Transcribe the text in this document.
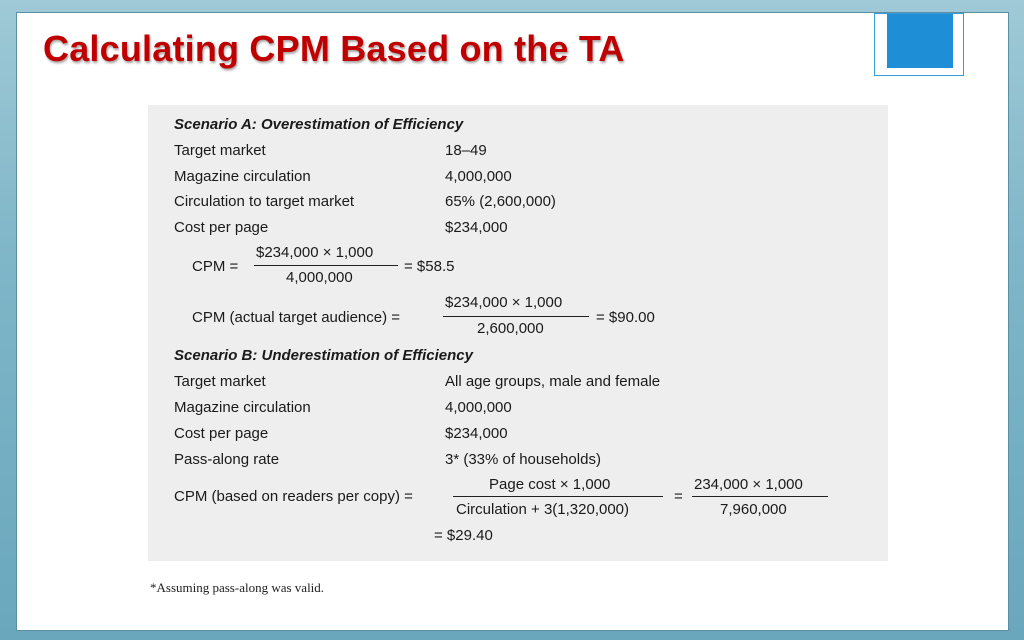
Calculating CPM Based on the TA
Scenario A: Overestimation of Efficiency
Target market	18–49
Magazine circulation	4,000,000
Circulation to target market	65% (2,600,000)
Cost per page	$234,000
CPM =
$234,000 × 1,000
4,000,000
= $58.5
CPM (actual target audience) =
$234,000 × 1,000
2,600,000
= $90.00
Scenario B: Underestimation of Efficiency
Target market	All age groups, male and female
Magazine circulation	4,000,000
Cost per page	$234,000
Pass-along rate	3* (33% of households)
CPM (based on readers per copy) =
Page cost × 1,000
Circulation + 3(1,320,000)
=
234,000 × 1,000
7,960,000
= $29.40

*Assuming pass-along was valid.
